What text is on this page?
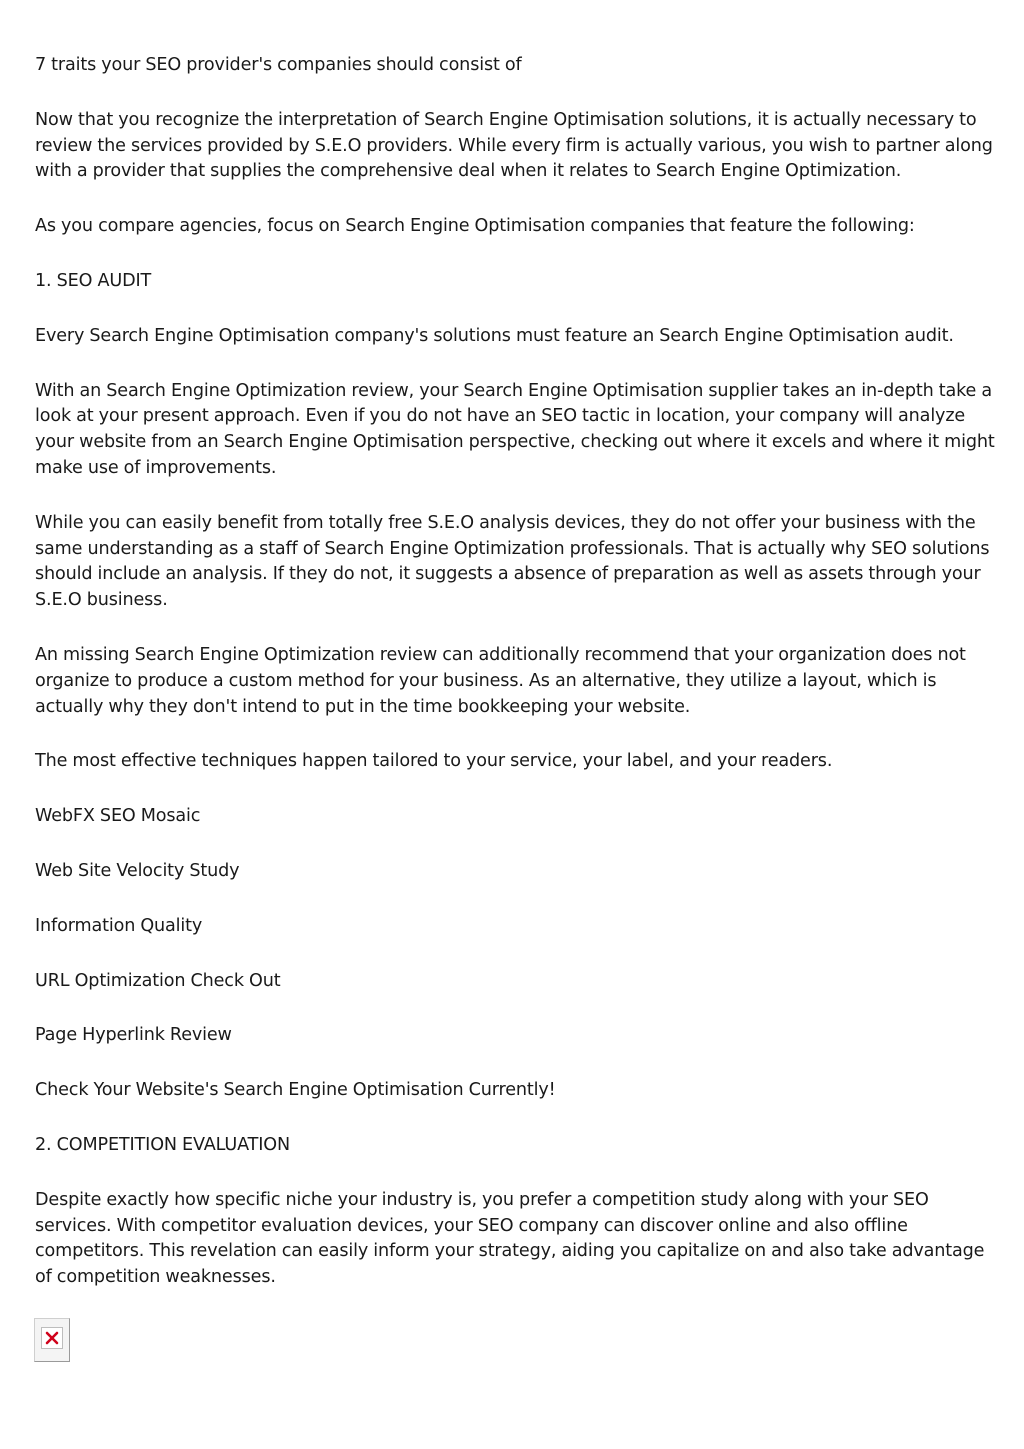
7 traits your SEO provider's companies should consist of

Now that you recognize the interpretation of Search Engine Optimisation solutions, it is actually necessary to review the services provided by S.E.O providers. While every firm is actually various, you wish to partner along with a provider that supplies the comprehensive deal when it relates to Search Engine Optimization.

As you compare agencies, focus on Search Engine Optimisation companies that feature the following:

1. SEO AUDIT

Every Search Engine Optimisation company's solutions must feature an Search Engine Optimisation audit.

With an Search Engine Optimization review, your Search Engine Optimisation supplier takes an in-depth take a look at your present approach. Even if you do not have an SEO tactic in location, your company will analyze your website from an Search Engine Optimisation perspective, checking out where it excels and where it might make use of improvements.

While you can easily benefit from totally free S.E.O analysis devices, they do not offer your business with the same understanding as a staff of Search Engine Optimization professionals. That is actually why SEO solutions should include an analysis. If they do not, it suggests a absence of preparation as well as assets through your S.E.O business.

An missing Search Engine Optimization review can additionally recommend that your organization does not organize to produce a custom method for your business. As an alternative, they utilize a layout, which is actually why they don't intend to put in the time bookkeeping your website.

The most effective techniques happen tailored to your service, your label, and your readers.

WebFX SEO Mosaic

Web Site Velocity Study

Information Quality

URL Optimization Check Out

Page Hyperlink Review

Check Your Website's Search Engine Optimisation Currently!

2. COMPETITION EVALUATION

Despite exactly how specific niche your industry is, you prefer a competition study along with your SEO services. With competitor evaluation devices, your SEO company can discover online and also offline competitors. This revelation can easily inform your strategy, aiding you capitalize on and also take advantage of competition weaknesses.
